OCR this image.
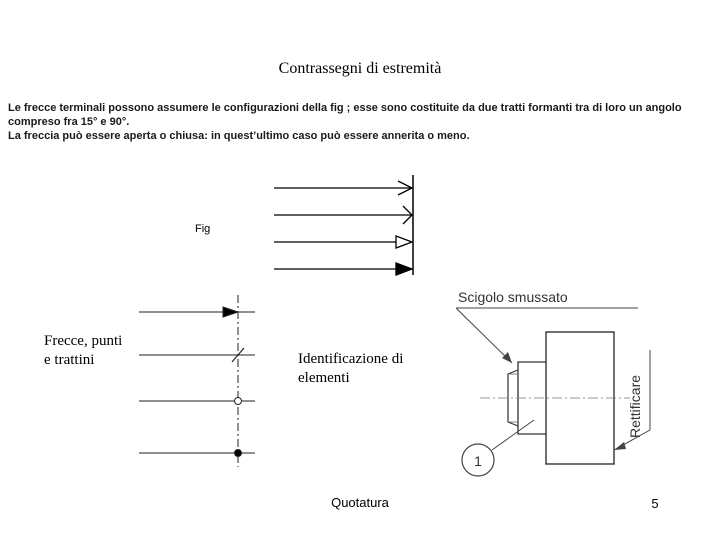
Contrassegni di estremità
Le frecce terminali possono assumere le configurazioni della fig ; esse sono costituite da due tratti formanti tra di loro un angolo
compreso fra 15° e 90°.
La freccia può essere aperta o chiusa: in quest’ultimo caso può essere annerita o meno.
Fig
Frecce, punti e trattini	Identificazione di elementi
Scigolo smussato
Rettificare
1
Quotatura	5
